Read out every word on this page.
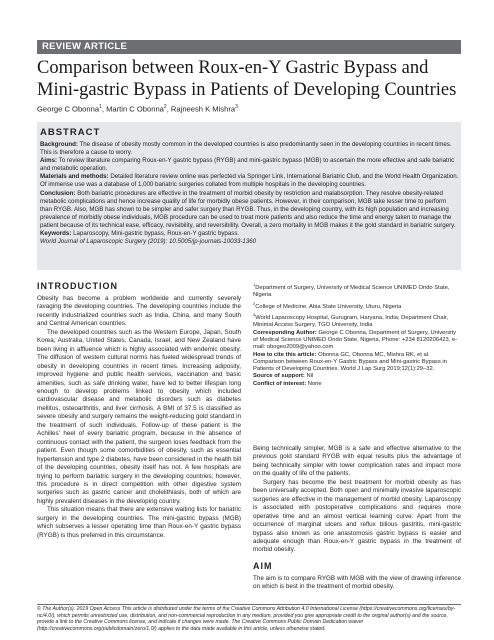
REVIEW ARTICLE
Comparison between Roux-en-Y Gastric Bypass and Mini-gastric Bypass in Patients of Developing Countries
George C Obonna$^1$, Martin C Obonna$^2$, Rajneesh K Mishra$^3$
ABSTRACT

Background: The disease of obesity mostly common in the developed countries is also predominantly seen in the developing countries in recent times. This is therefore a cause to worry.

Aims: To review literature comparing Roux-en-Y gastric bypass (RYGB) and mini-gastric bypass (MGB) to ascertain the more effective and safe bariatric and metabolic operation.

Materials and methods: Detailed literature review online was perfected via Springer Link, International Bariatric Club, and the World Health Organization. Of immense use was a database of 1,000 bariatric surgeries collated from multiple hospitals in the developing countries.

Conclusion: Both bariatric procedures are effective in the treatment of morbid obesity by restriction and malabsorption. They resolve obesity-related metabolic complications and hence increase quality of life for morbidly obese patients. However, in their comparison, MGB take lesser time to perform than RYGB. Also, MGB has shown to be simpler and safer surgery than RYGB. Thus, in the developing country, with its high population and increasing prevalence of morbidly obese individuals, MGB procedure can be used to treat more patients and also reduce the time and energy taken to manage the patient because of its technical ease, efficacy, revisibility, and reversibility. Overall, a zero mortality in MGB makes it the gold standard in bariatric surgery.

Keywords: Laparoscopy, Mini-gastric bypass, Roux-en-Y gastric bypass.

World Journal of Laparoscopic Surgery (2019): 10.5005/jp-journals-10033-1360

INTRODUCTION

Obesity has become a problem worldwide and currently severely ravaging the developing countries. The developing countries include the recently industrialized countries such as India, China, and many South and Central American countries.

The developed countries such as the Western Europe, Japan, South Korea, Australia, United States, Canada, Israel, and New Zealand have been living in affluence which is highly associated with endemic obesity. The diffusion of western cultural norms has fueled widespread trends of obesity in developing countries in recent times. Increasing adiposity, improved hygiene and public health services, vaccination and basic amenities, such as safe drinking water, have led to better lifespan long enough to develop problems linked to obesity which included cardiovascular disease and metabolic disorders such as diabetes mellitus, osteoarthritis, and liver cirrhosis. A BMI of 37.5 is classified as severe obesity and surgery remains the weight-reducing gold standard in the treatment of such individuals. Follow-up of these patient is the Achilles' heel of every bariatric program, because in the absence of continuous contact with the patient, the surgeon loses feedback from the patient. Even though some comorbidities of obesity, such as essential hypertension and type 2 diabetes, have been considered in the health bill of the developing countries, obesity itself has not. A few hospitals are trying to perform bariatric surgery in the developing countries; however, this procedure is in direct competition with other digestive system surgeries such as gastric cancer and cholelithiasis, both of which are highly prevalent diseases in the developing country.

This situation means that there are extensive waiting lists for bariatric surgery in the developing countries. The mini-gastric bypass (MGB) which subserves a lesser operating time than Roux-en-Y gastric bypass (RYGB) is thus preferred in this circumstance.

$^1$Department of Surgery, University of Medical Science UNIMED Ondo State, Nigeria

$^2$College of Medicine, Abia State University, Uturu, Nigeria

$^3$World Laparoscopy Hospital, Gurugram, Haryana, India; Department Chair, Minimal Access Surgery, TGO University, India

Corresponding Author: George C Obonna, Department of Surgery, University of Medical Science UNIMED Ondo State, Nigeria, Phone: +234 8120206423, e-mail: obogeo2009@yahoo.com

How to cite this article: Obonna GC, Obonna MC, Mishra RK, et al. Comparison between Roux-en-Y Gastric Bypass and Mini-gastric Bypass in Patients of Developing Countries. World J Lap Surg 2019;12(1):29–32.

Source of support: Nil

Conflict of interest: None

Being technically simpler, MGB is a safe and effective alternative to the previous gold standard RYGB with equal results plus the advantage of being technically simpler with lower complication rates and impact more on the quality of life of the patients.

Surgery has become the best treatment for morbid obesity as has been universally accepted. Both open and minimally invasive laparoscopic surgeries are effective in the management of morbid obesity. Laparoscopy is associated with postoperative complications and requires more operative time and an almost vertical learning curve. Apart from the occurrence of marginal ulcers and reflux bilious gastritis, mini-gastric bypass also known as one anastomosis gastric bypass is easier and adequate enough than Roux-en-Y gastric bypass in the treatment of morbid obesity.

AIM

The aim is to compare RYGB with MGB with the view of drawing inference on which is best in the treatment of morbid obesity.

© The Author(s). 2019 Open Access This article is distributed under the terms of the Creative Commons Attribution 4.0 International License (https://creativecommons.org/licenses/by-nc/4.0/), which permits unrestricted use, distribution, and non-commercial reproduction in any medium, provided you give appropriate credit to the original author(s) and the source, provide a link to the Creative Commons license, and indicate if changes were made. The Creative Commons Public Domain Dedication waiver (http://creativecommons.org/publicdomain/zero/1.0/) applies to the data made available in this article, unless otherwise stated.
